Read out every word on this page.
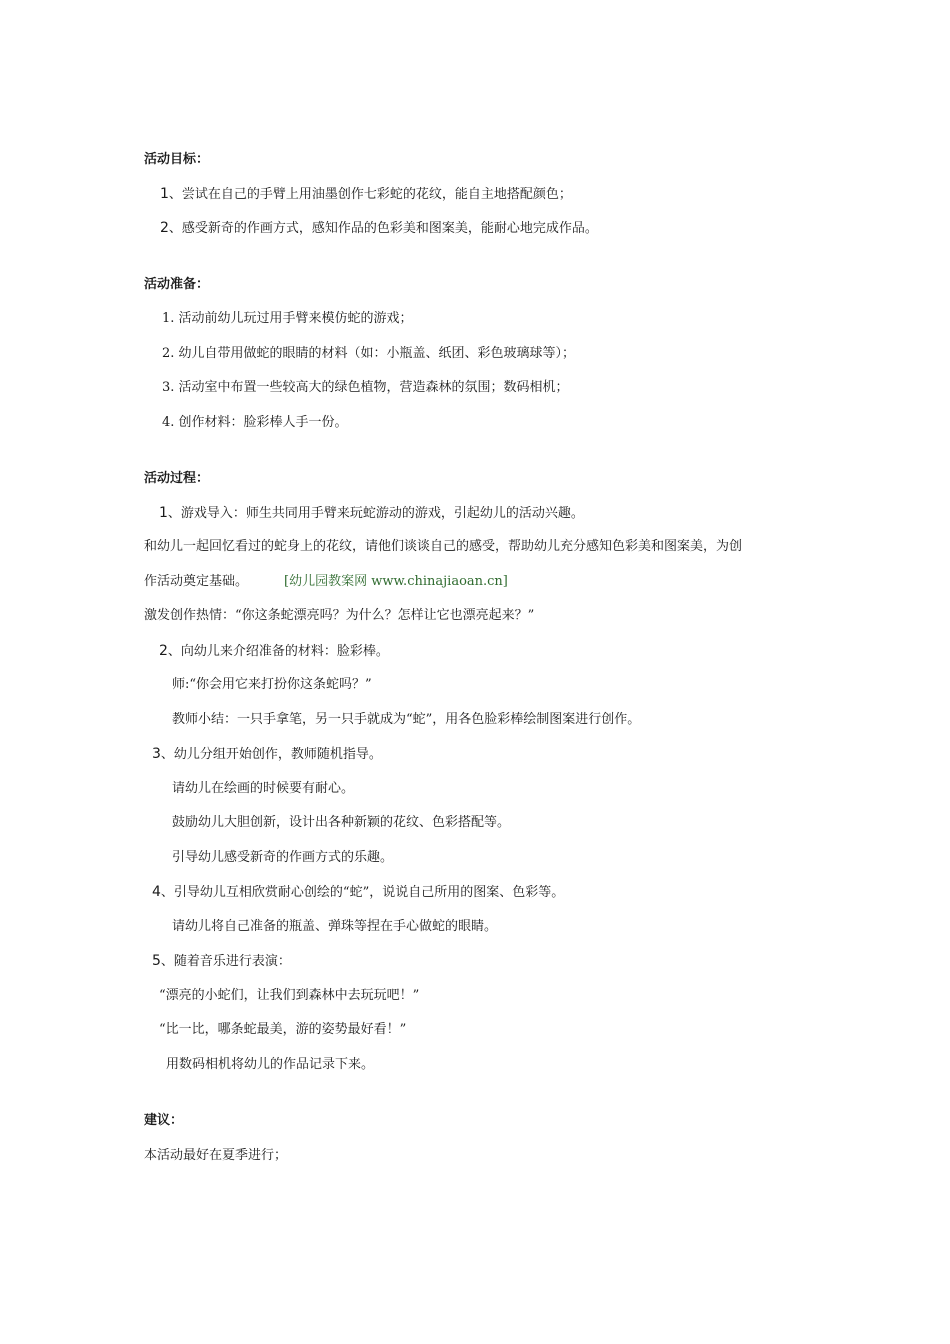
活动目标：
1、尝试在自己的手臂上用油墨创作七彩蛇的花纹，能自主地搭配颜色；
2、感受新奇的作画方式，感知作品的色彩美和图案美，能耐心地完成作品。
活动准备：
1. 活动前幼儿玩过用手臂来模仿蛇的游戏；
2. 幼儿自带用做蛇的眼睛的材料（如：小瓶盖、纸团、彩色玻璃球等）；
3. 活动室中布置一些较高大的绿色植物，营造森林的氛围；数码相机；
4. 创作材料：脸彩棒人手一份。
活动过程：
1、游戏导入：师生共同用手臂来玩蛇游动的游戏，引起幼儿的活动兴趣。
和幼儿一起回忆看过的蛇身上的花纹，请他们谈谈自己的感受，帮助幼儿充分感知色彩美和图案美，为创
作活动奠定基础。	[幼儿园教案网 www.chinajiaoan.cn]
激发创作热情：“你这条蛇漂亮吗？为什么？怎样让它也漂亮起来？”
2、向幼儿来介绍准备的材料：脸彩棒。
师:“你会用它来打扮你这条蛇吗？”
教师小结：一只手拿笔，另一只手就成为“蛇”，用各色脸彩棒绘制图案进行创作。
3、幼儿分组开始创作，教师随机指导。
请幼儿在绘画的时候要有耐心。
鼓励幼儿大胆创新，设计出各种新颖的花纹、色彩搭配等。
引导幼儿感受新奇的作画方式的乐趣。
4、引导幼儿互相欣赏耐心创绘的“蛇”，说说自己所用的图案、色彩等。
请幼儿将自己准备的瓶盖、弹珠等捏在手心做蛇的眼睛。
5、随着音乐进行表演：
“漂亮的小蛇们，让我们到森林中去玩玩吧！”
“比一比，哪条蛇最美，游的姿势最好看！”
用数码相机将幼儿的作品记录下来。
建议：
本活动最好在夏季进行；
